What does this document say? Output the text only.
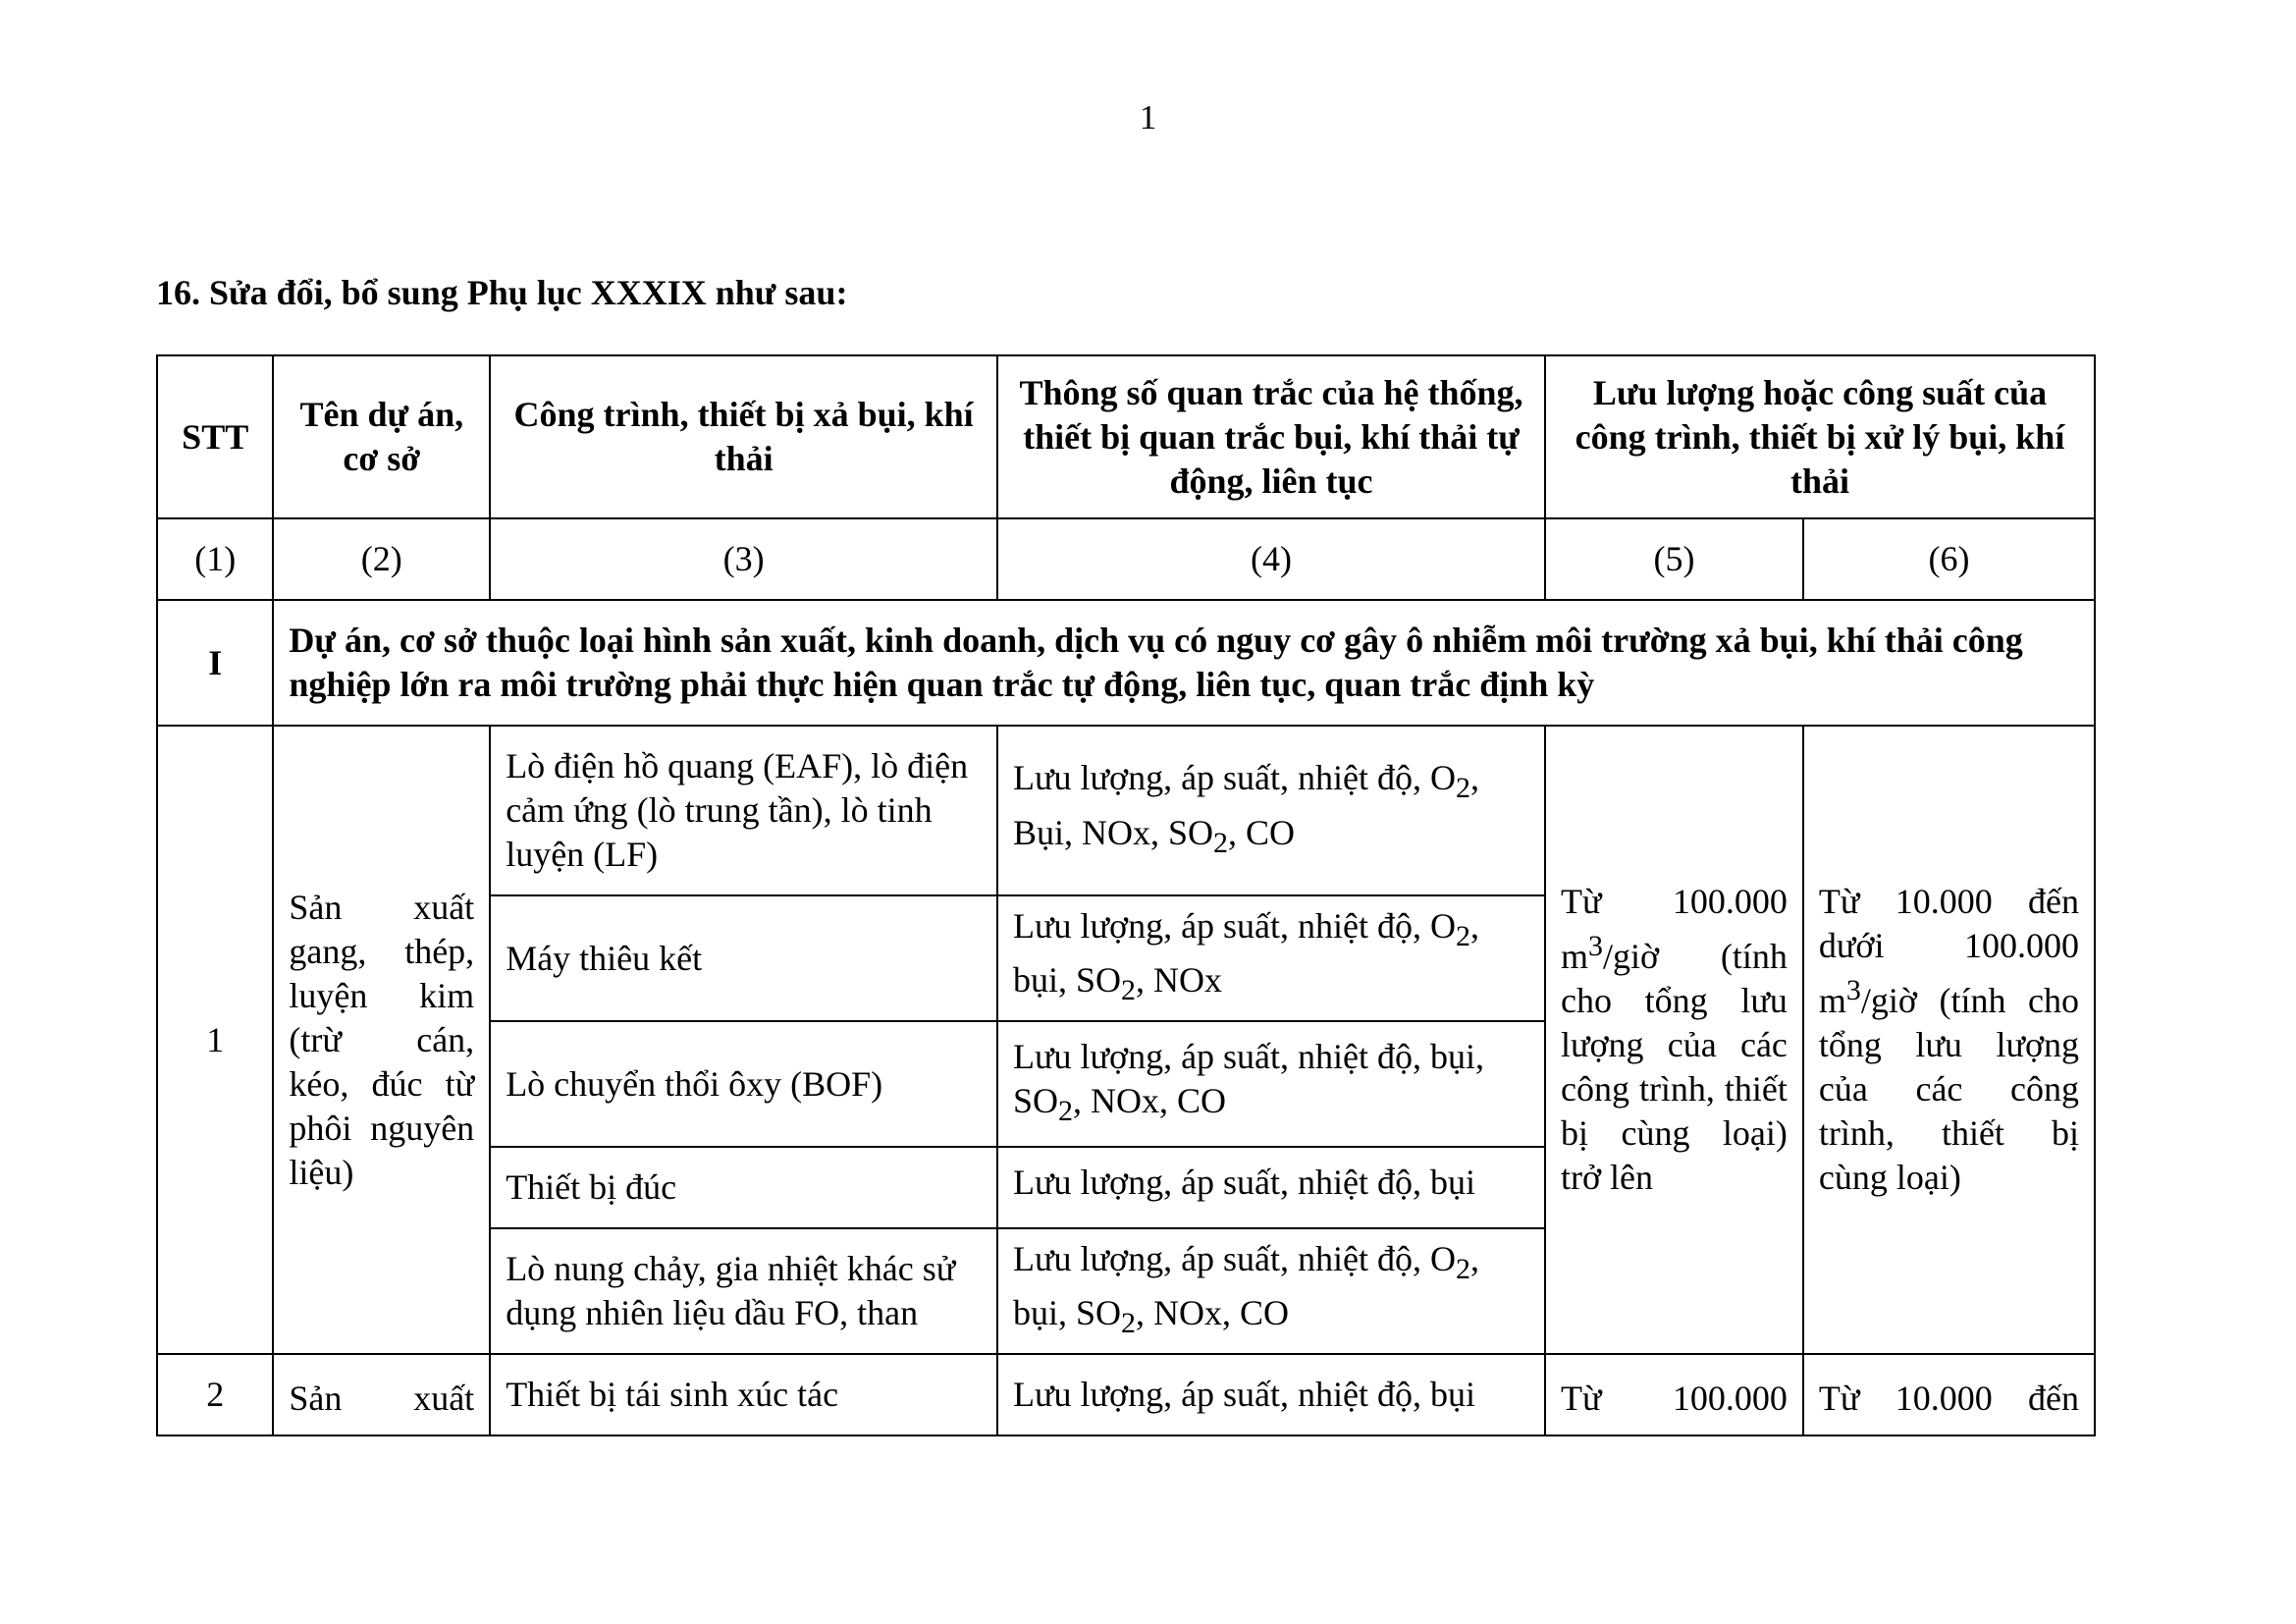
1
16. Sửa đổi, bổ sung Phụ lục XXXIX như sau:
STT	Tên dự án, cơ sở	Công trình, thiết bị xả bụi, khí thải	Thông số quan trắc của hệ thống, thiết bị quan trắc bụi, khí thải tự động, liên tục	Lưu lượng hoặc công suất của công trình, thiết bị xử lý bụi, khí thải	
(1)	(2)	(3)	(4)	(5)	(6)
I	Dự án, cơ sở thuộc loại hình sản xuất, kinh doanh, dịch vụ có nguy cơ gây ô nhiễm môi trường xả bụi, khí thải công nghiệp lớn ra môi trường phải thực hiện quan trắc tự động, liên tục, quan trắc định kỳ				
1	Sản xuất gang, thép, luyện kim (trừ cán, kéo, đúc từ phôi nguyên liệu)	Lò điện hồ quang (EAF), lò điện cảm ứng (lò trung tần), lò tinh luyện (LF)	Lưu lượng, áp suất, nhiệt độ, $O_2$, Bụi, NOx, $SO_2$, CO	Từ 100.000 $m^3$/giờ (tính cho tổng lưu lượng của các công trình, thiết bị cùng loại) trở lên	Từ 10.000 đến dưới 100.000 $m^3$/giờ (tính cho tổng lưu lượng của các công trình, thiết bị cùng loại)
		Máy thiêu kết	Lưu lượng, áp suất, nhiệt độ, $O_2$, bụi, $SO_2$, NOx		
		Lò chuyển thổi ôxy (BOF)	Lưu lượng, áp suất, nhiệt độ, bụi, $SO_2$, NOx, CO		
		Thiết bị đúc	Lưu lượng, áp suất, nhiệt độ, bụi		
		Lò nung chảy, gia nhiệt khác sử dụng nhiên liệu dầu FO, than	Lưu lượng, áp suất, nhiệt độ, $O_2$, bụi, $SO_2$, NOx, CO		
2	Sản xuất	Thiết bị tái sinh xúc tác	Lưu lượng, áp suất, nhiệt độ, bụi	Từ 100.000	Từ 10.000 đến
